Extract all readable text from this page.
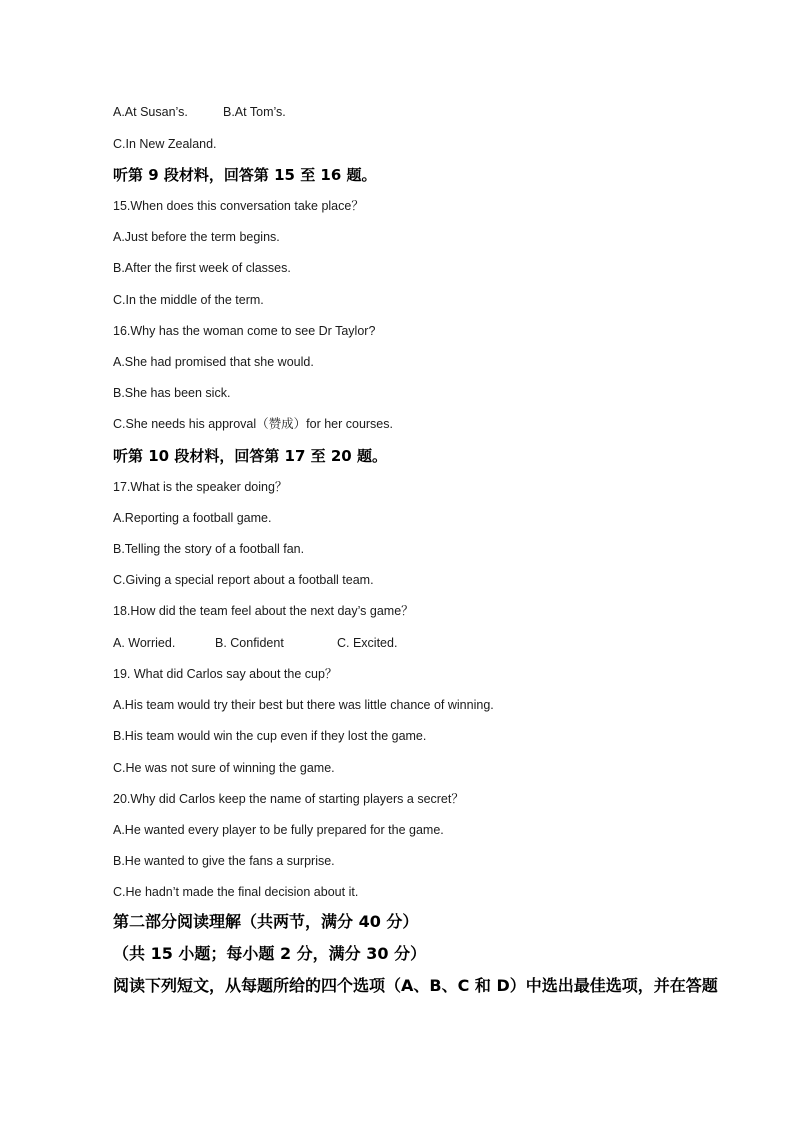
A.At Susan’s.	B.At Tom’s.
C.In New Zealand.
听第 9 段材料，回答第 15 至 16 题。
15.When does this conversation take place？
A.Just before the term begins.
B.After the first week of classes.
C.In the middle of the term.
16.Why has the woman come to see Dr Taylor?
A.She had promised that she would.
B.She has been sick.
C.She needs his approval（赞成）for her courses.
听第 10 段材料，回答第 17 至 20 题。
17.What is the speaker doing？
A.Reporting a football game.
B.Telling the story of a football fan.
C.Giving a special report about a football team.
18.How did the team feel about the next day’s game？
A. Worried.	B. Confident	C. Excited.
19. What did Carlos say about the cup？
A.His team would try their best but there was little chance of winning.
B.His team would win the cup even if they lost the game.
C.He was not sure of winning the game.
20.Why did Carlos keep the name of starting players a secret？
A.He wanted every player to be fully prepared for the game.
B.He wanted to give the fans a surprise.
C.He hadn’t made the final decision about it.
第二部分阅读理解（共两节，满分 40 分）
（共 15 小题；每小题 2 分，满分 30 分）
阅读下列短文，从每题所给的四个选项（A、B、C 和 D）中选出最佳选项，并在答题
